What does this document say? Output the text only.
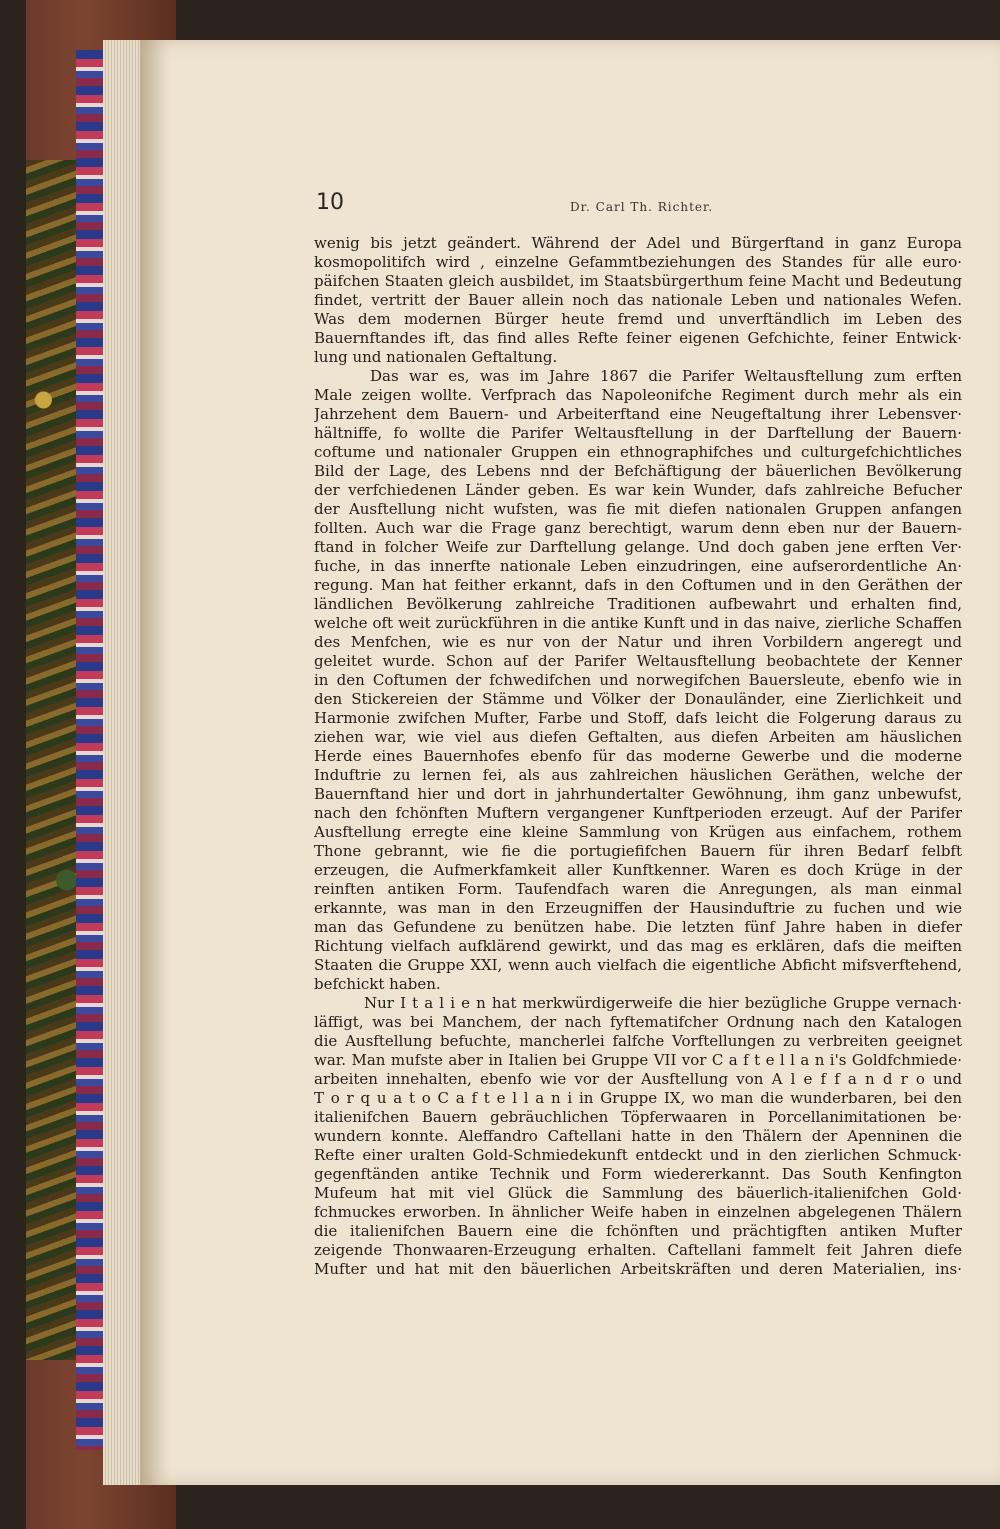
10	Dr. Carl Th. Richter.
wenig bis jetzt geändert. Während der Adel und Bürgerftand in ganz Europa
kosmopolitifch wird , einzelne Gefammtbeziehungen des Standes für alle euro·
päifchen Staaten gleich ausbildet, im Staatsbürgerthum feine Macht und Bedeutung
findet, vertritt der Bauer allein noch das nationale Leben und nationales Wefen.
Was dem modernen Bürger heute fremd und unverftändlich im Leben des
Bauernftandes ift, das find alles Refte feiner eigenen Gefchichte, feiner Entwick·
lung und nationalen Geftaltung.
Das war es, was im Jahre 1867 die Parifer Weltausftellung zum erften
Male zeigen wollte. Verfprach das Napoleonifche Regiment durch mehr als ein
Jahrzehent dem Bauern- und Arbeiterftand eine Neugeftaltung ihrer Lebensver·
hältniffe, fo wollte die Parifer Weltausftellung in der Darftellung der Bauern·
coftume und nationaler Gruppen ein ethnographifches und culturgefchichtliches
Bild der Lage, des Lebens nnd der Befchäftigung der bäuerlichen Bevölkerung
der verfchiedenen Länder geben. Es war kein Wunder, dafs zahlreiche Befucher
der Ausftellung nicht wufsten, was fie mit diefen nationalen Gruppen anfangen
follten. Auch war die Frage ganz berechtigt, warum denn eben nur der Bauern-
ftand in folcher Weife zur Darftellung gelange. Und doch gaben jene erften Ver·
fuche, in das innerfte nationale Leben einzudringen, eine aufserordentliche An·
regung. Man hat feither erkannt, dafs in den Coftumen und in den Geräthen der
ländlichen Bevölkerung zahlreiche Traditionen aufbewahrt und erhalten find,
welche oft weit zurückführen in die antike Kunft und in das naive, zierliche Schaffen
des Menfchen, wie es nur von der Natur und ihren Vorbildern angeregt und
geleitet wurde. Schon auf der Parifer Weltausftellung beobachtete der Kenner
in den Coftumen der fchwedifchen und norwegifchen Bauersleute, ebenfo wie in
den Stickereien der Stämme und Völker der Donauländer, eine Zierlichkeit und
Harmonie zwifchen Mufter, Farbe und Stoff, dafs leicht die Folgerung daraus zu
ziehen war, wie viel aus diefen Geftalten, aus diefen Arbeiten am häuslichen
Herde eines Bauernhofes ebenfo für das moderne Gewerbe und die moderne
Induftrie zu lernen fei, als aus zahlreichen häuslichen Geräthen, welche der
Bauernftand hier und dort in jahrhundertalter Gewöhnung, ihm ganz unbewufst,
nach den fchönften Muftern vergangener Kunftperioden erzeugt. Auf der Parifer
Ausftellung erregte eine kleine Sammlung von Krügen aus einfachem, rothem
Thone gebrannt, wie fie die portugiefifchen Bauern für ihren Bedarf felbft
erzeugen, die Aufmerkfamkeit aller Kunftkenner. Waren es doch Krüge in der
reinften antiken Form. Taufendfach waren die Anregungen, als man einmal
erkannte, was man in den Erzeugniffen der Hausinduftrie zu fuchen und wie
man das Gefundene zu benützen habe. Die letzten fünf Jahre haben in diefer
Richtung vielfach aufklärend gewirkt, und das mag es erklären, dafs die meiften
Staaten die Gruppe XXI, wenn auch vielfach die eigentliche Abficht mifsverftehend,
befchickt haben.
Nur I t a l i e n hat merkwürdigerweife die hier bezügliche Gruppe vernach·
läffigt, was bei Manchem, der nach fyftematifcher Ordnung nach den Katalogen
die Ausftellung befuchte, mancherlei falfche Vorftellungen zu verbreiten geeignet
war. Man mufste aber in Italien bei Gruppe VII vor C a f t e l l a n i's Goldfchmiede·
arbeiten innehalten, ebenfo wie vor der Ausftellung von A l e f f a n d r o und
T o r q u a t o C a f t e l l a n i in Gruppe IX, wo man die wunderbaren, bei den
italienifchen Bauern gebräuchlichen Töpferwaaren in Porcellanimitationen be·
wundern konnte. Aleffandro Caftellani hatte in den Thälern der Apenninen die
Refte einer uralten Gold-Schmiedekunft entdeckt und in den zierlichen Schmuck·
gegenftänden antike Technik und Form wiedererkannt. Das South Kenfington
Mufeum hat mit viel Glück die Sammlung des bäuerlich-italienifchen Gold·
fchmuckes erworben. In ähnlicher Weife haben in einzelnen abgelegenen Thälern
die italienifchen Bauern eine die fchönften und prächtigften antiken Mufter
zeigende Thonwaaren-Erzeugung erhalten. Caftellani fammelt feit Jahren diefe
Mufter und hat mit den bäuerlichen Arbeitskräften und deren Materialien, ins·
